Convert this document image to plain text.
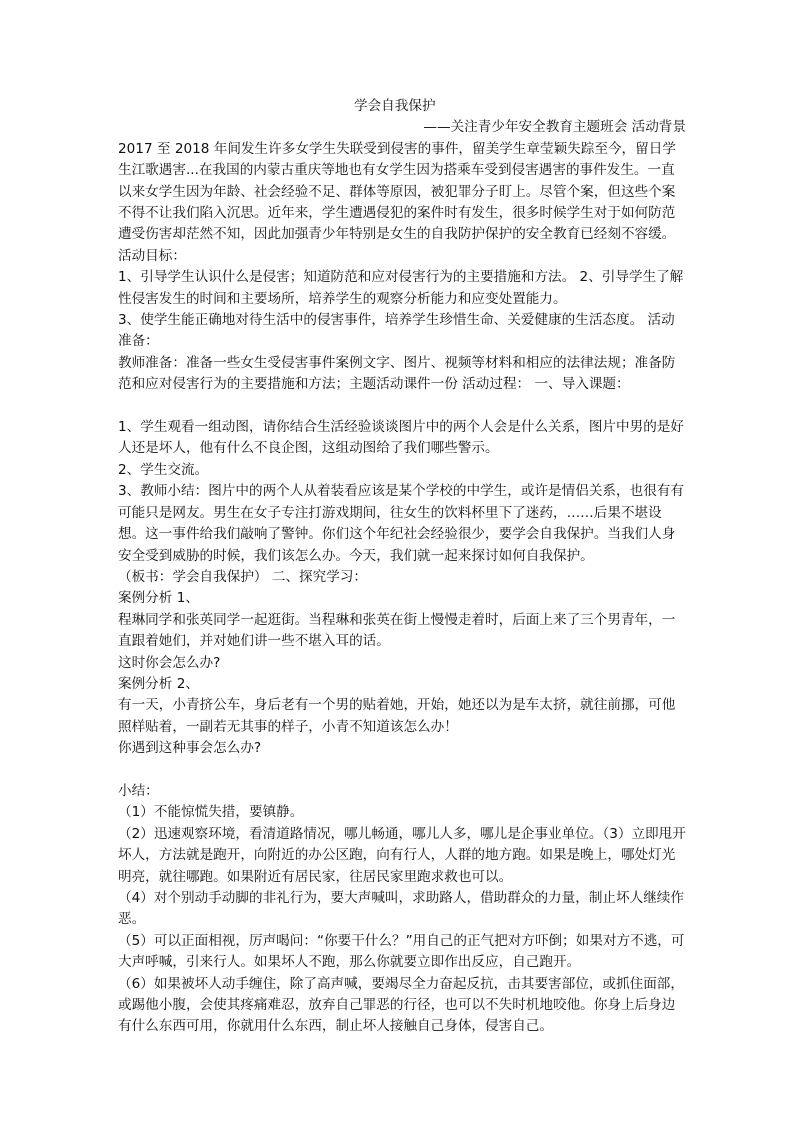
学会自我保护
——关注青少年安全教育主题班会 活动背景

2017 至 2018 年间发生许多女学生失联受到侵害的事件，留美学生章莹颖失踪至今，留日学生江歌遇害...在我国的内蒙古重庆等地也有女学生因为搭乘车受到侵害遇害的事件发生。一直以来女学生因为年龄、社会经验不足、群体等原因，被犯罪分子盯上。尽管个案，但这些个案不得不让我们陷入沉思。近年来，学生遭遇侵犯的案件时有发生，很多时候学生对于如何防范遭受伤害却茫然不知，因此加强青少年特别是女生的自我防护保护的安全教育已经刻不容缓。 活动目标：

1、引导学生认识什么是侵害；知道防范和应对侵害行为的主要措施和方法。 2、引导学生了解性侵害发生的时间和主要场所，培养学生的观察分析能力和应变处置能力。

3、使学生能正确地对待生活中的侵害事件，培养学生珍惜生命、关爱健康的生活态度。 活动准备：

教师准备：准备一些女生受侵害事件案例文字、图片、视频等材料和相应的法律法规；准备防范和应对侵害行为的主要措施和方法；主题活动课件一份 活动过程： 一、导入课题：

1、学生观看一组动图，请你结合生活经验谈谈图片中的两个人会是什么关系，图片中男的是好人还是坏人，他有什么不良企图，这组动图给了我们哪些警示。

2、学生交流。

3、教师小结：图片中的两个人从着装看应该是某个学校的中学生，或许是情侣关系，也很有有可能只是网友。男生在女子专注打游戏期间，往女生的饮料杯里下了迷药，……后果不堪设想。这一事件给我们敲响了警钟。你们这个年纪社会经验很少，要学会自我保护。当我们人身安全受到威胁的时候，我们该怎么办。今天，我们就一起来探讨如何自我保护。

（板书：学会自我保护） 二、探究学习：

案例分析 1、

程琳同学和张英同学一起逛街。当程琳和张英在街上慢慢走着时，后面上来了三个男青年，一直跟着她们，并对她们讲一些不堪入耳的话。

这时你会怎么办?

案例分析 2、

有一天，小青挤公车，身后老有一个男的贴着她，开始，她还以为是车太挤，就往前挪，可他照样贴着，一副若无其事的样子，小青不知道该怎么办！

你遇到这种事会怎么办?

小结：

（1）不能惊慌失措，要镇静。

（2）迅速观察环境，看清道路情况，哪儿畅通，哪儿人多，哪儿是企事业单位。（3）立即甩开坏人，方法就是跑开，向附近的办公区跑，向有行人，人群的地方跑。如果是晚上，哪处灯光明亮，就往哪跑。如果附近有居民家，往居民家里跑求救也可以。

（4）对个别动手动脚的非礼行为，要大声喊叫，求助路人，借助群众的力量，制止坏人继续作恶。

（5）可以正面相视，厉声喝问：“你要干什么？”用自己的正气把对方吓倒；如果对方不逃，可大声呼喊，引来行人。如果坏人不跑，那么你就要立即作出反应，自己跑开。

（6）如果被坏人动手缠住，除了高声喊，要竭尽全力奋起反抗，击其要害部位，或抓住面部，或踢他小腹，会使其疼痛难忍，放弃自己罪恶的行径，也可以不失时机地咬他。你身上后身边有什么东西可用，你就用什么东西，制止坏人接触自己身体，侵害自己。
